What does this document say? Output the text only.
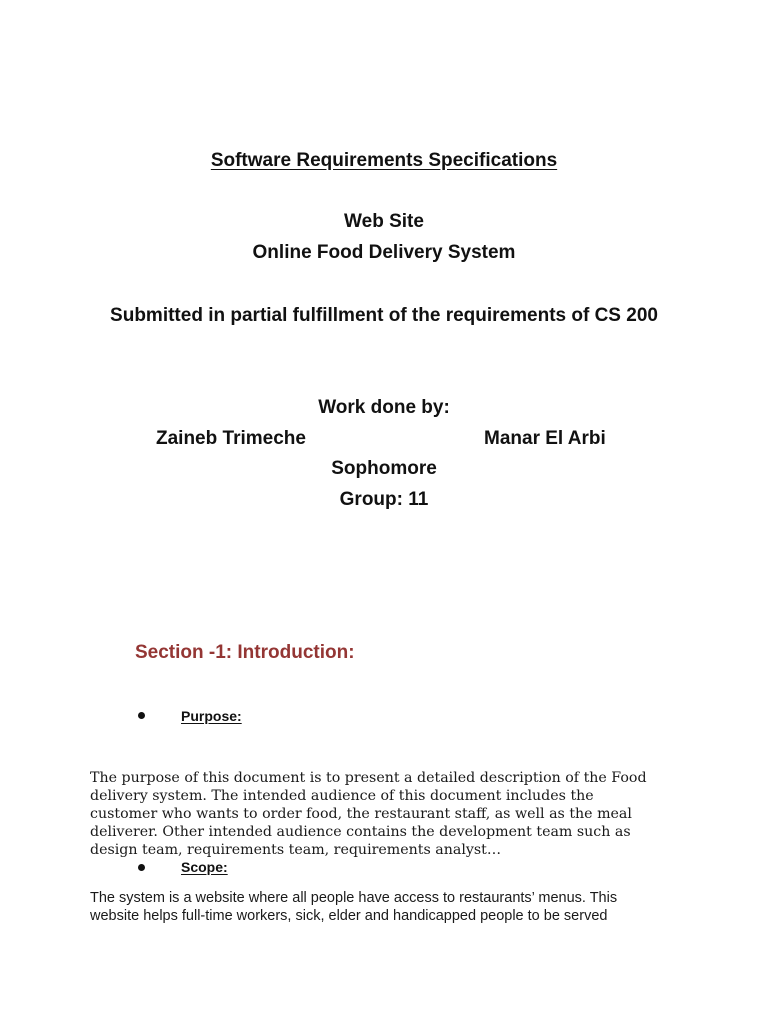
Software Requirements Specifications
Web Site
Online Food Delivery System
Submitted in partial fulfillment of the requirements of CS 200
Work done by:
Zaineb Trimeche	Manar El Arbi
Sophomore
Group: 11
Section -1: Introduction:
Purpose:
The purpose of this document is to present a detailed description of the Food
delivery system. The intended audience of this document includes the
customer who wants to order food, the restaurant staff, as well as the meal
deliverer. Other intended audience contains the development team such as
design team, requirements team, requirements analyst…
Scope:
The system is a website where all people have access to restaurants’ menus. This
website helps full-time workers, sick, elder and handicapped people to be served
